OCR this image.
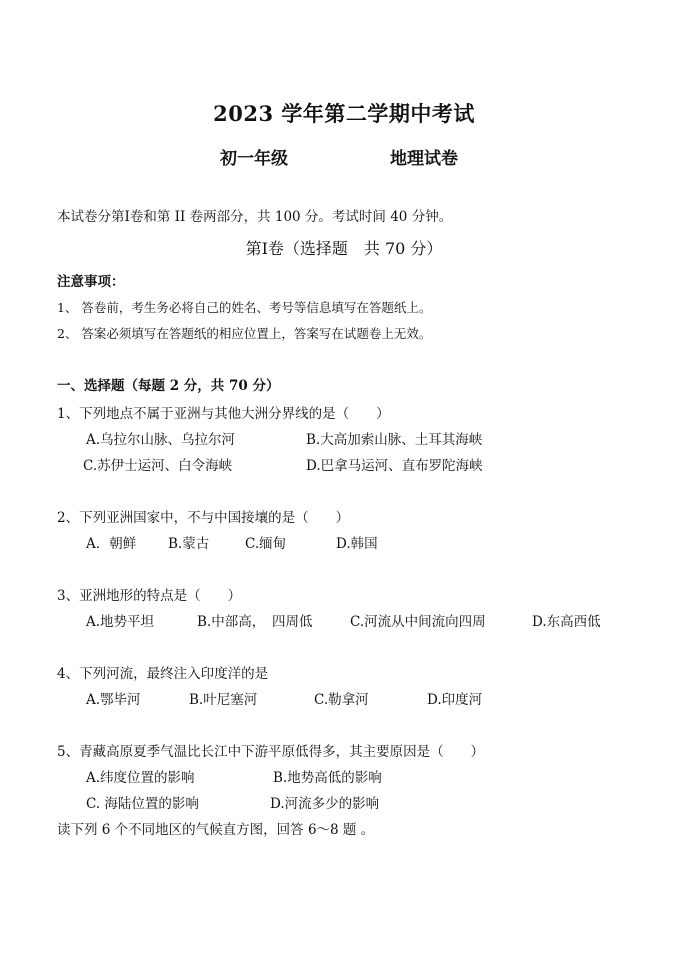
2023 学年第二学期中考试
初一年级	地理试卷
本试卷分第Ⅰ卷和第 II 卷两部分，共 100 分。考试时间 40 分钟。
第Ⅰ卷（选择题　共 70 分）
注意事项：
1、 答卷前，考生务必将自己的姓名、考号等信息填写在答题纸上。
2、 答案必须填写在答题纸的相应位置上，答案写在试题卷上无效。
一、选择题（每题 2 分，共 70 分）
1、下列地点不属于亚洲与其他大洲分界线的是（　　）
A.乌拉尔山脉、乌拉尔河	B.大高加索山脉、土耳其海峡
C.苏伊士运河、白令海峡	D.巴拿马运河、直布罗陀海峡
2、下列亚洲国家中，不与中国接壤的是（　　）
A．朝鲜 B.蒙古	C.缅甸	D.韩国
3、亚洲地形的特点是（　　）
A.地势平坦	B.中部高，　四周低	C.河流从中间流向四周	D.东高西低
4、下列河流，最终注入印度洋的是
A.鄂毕河	B.叶尼塞河	C.勒拿河	D.印度河
5、青藏高原夏季气温比长江中下游平原低得多，其主要原因是（　　）
A.纬度位置的影响	B.地势高低的影响
C. 海陆位置的影响	D.河流多少的影响
读下列 6 个不同地区的气候直方图，回答 6～8 题 。
